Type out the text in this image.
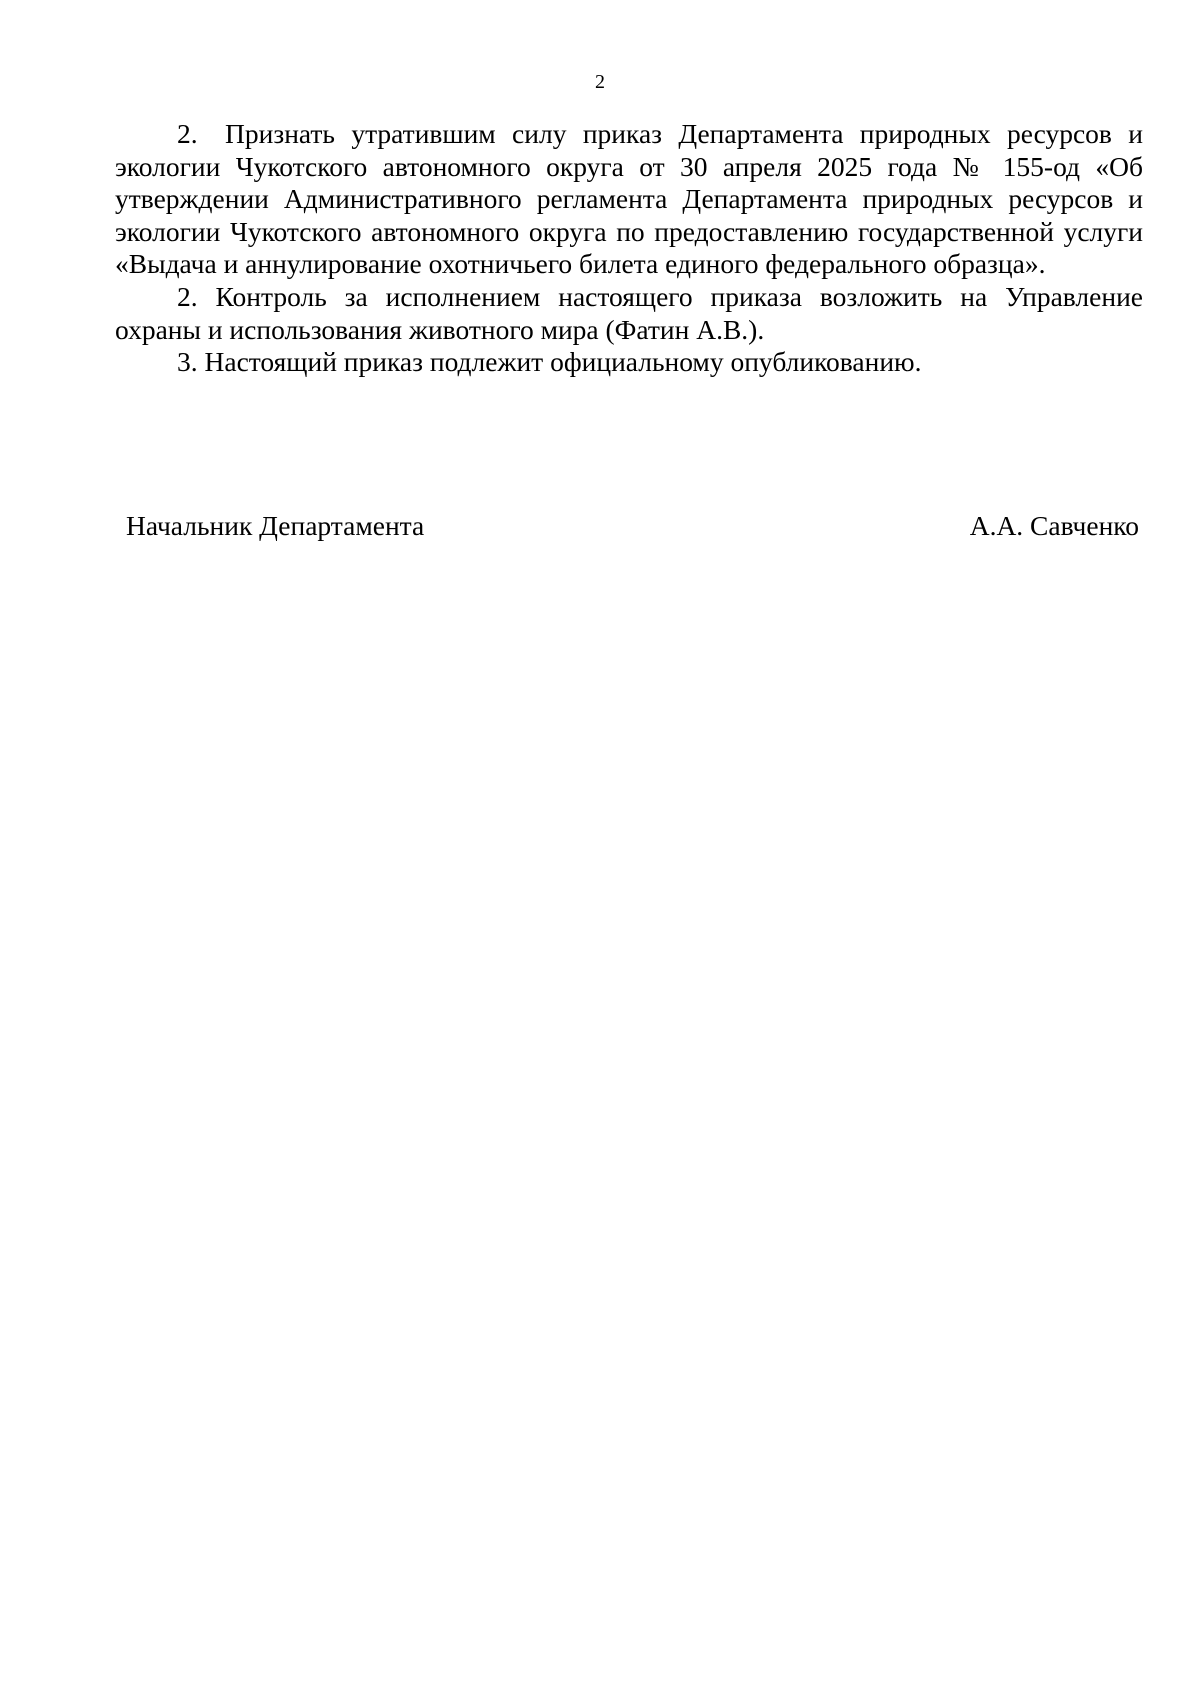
2

2. Признать утратившим силу приказ Департамента природных ресурсов и экологии Чукотского автономного округа от 30 апреля 2025 года № 155-од «Об утверждении Административного регламента Департамента природных ресурсов и экологии Чукотского автономного округа по предоставлению государственной услуги «Выдача и аннулирование охотничьего билета единого федерального образца».

2. Контроль за исполнением настоящего приказа возложить на Управление охраны и использования животного мира (Фатин А.В.).

3. Настоящий приказ подлежит официальному опубликованию.

Начальник Департамента	А.А. Савченко
